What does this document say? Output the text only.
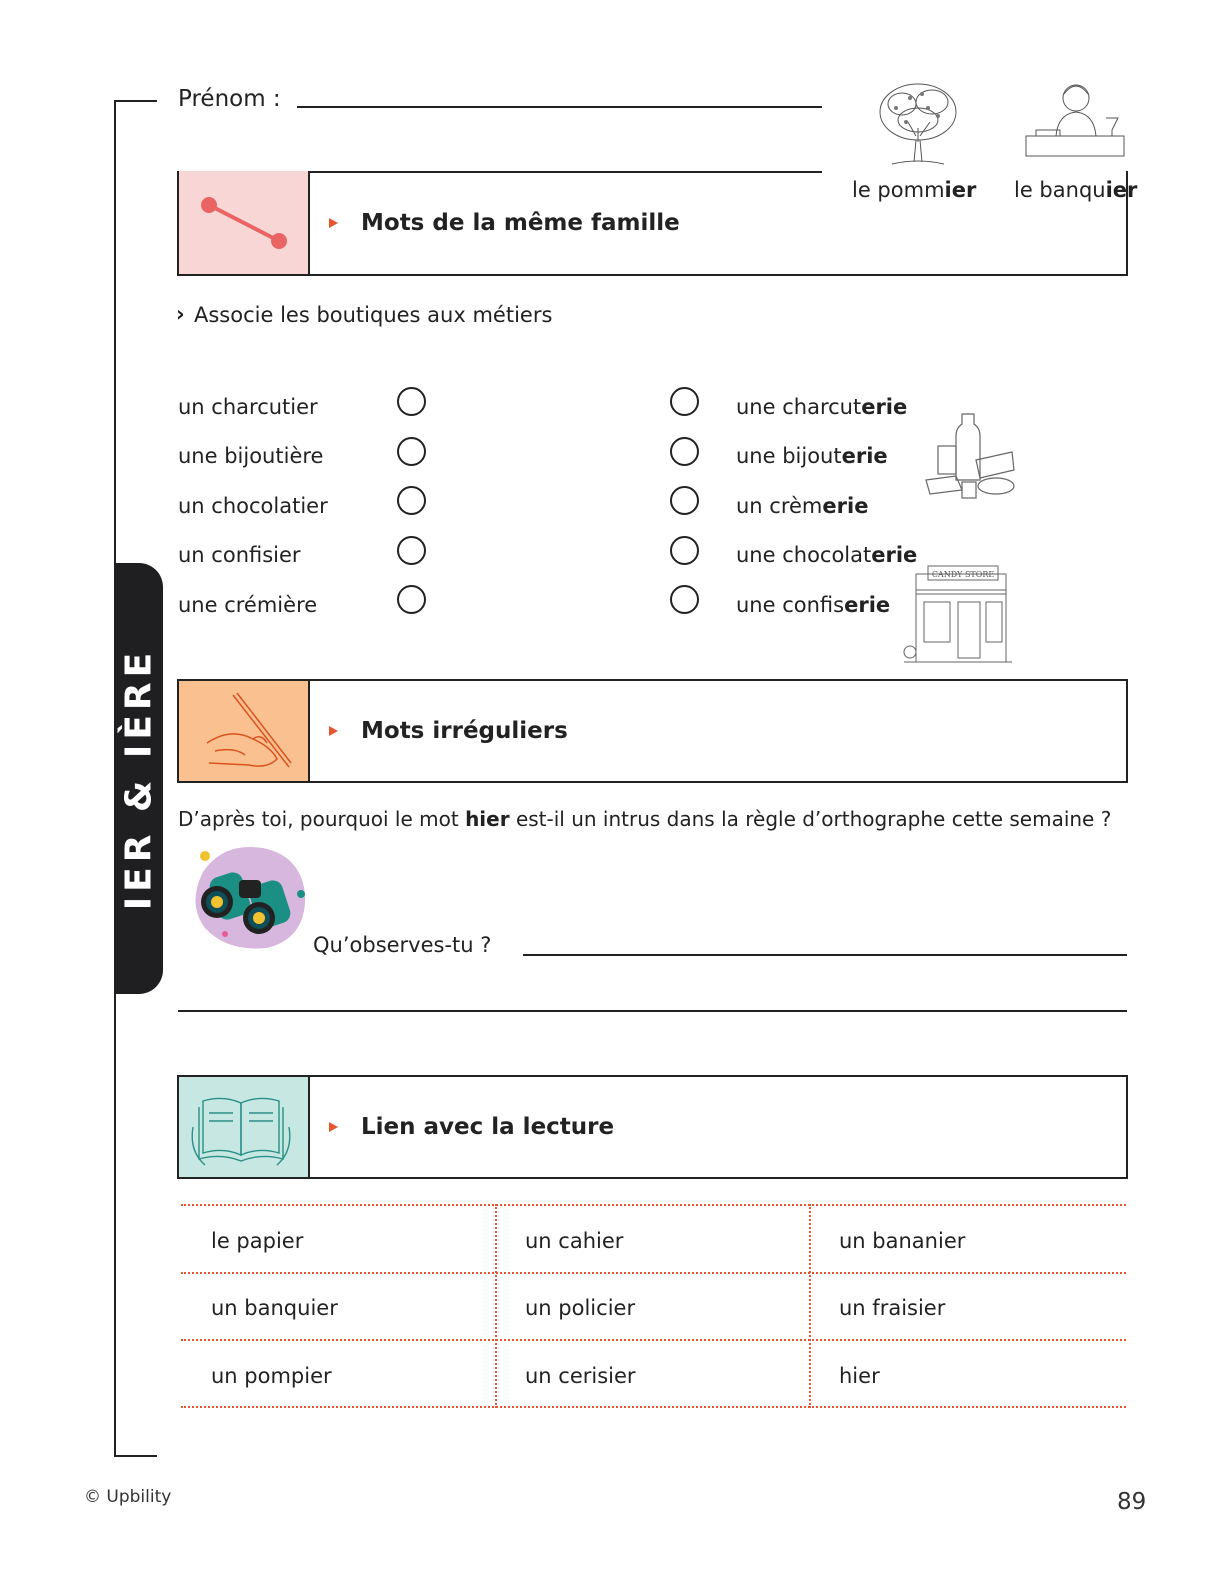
IER & IÈRE
Prénom :
le pommier le banquier
Mots de la même famille
› Associe les boutiques aux métiers
un charcutier
une bijoutière
un chocolatier
un confisier
une crémière
une charcuterie
une bijouterie
un crèmerie
une chocolaterie
une confiserie
CANDY STORE
Mots irréguliers
D’après toi, pourquoi le mot hier est-il un intrus dans la règle d’orthographe cette semaine ?
Qu’observes-tu ?
Lien avec la lecture
le papier	un cahier	un bananier
un banquier	un policier	un fraisier
un pompier	un cerisier	hier
© Upbility	89
